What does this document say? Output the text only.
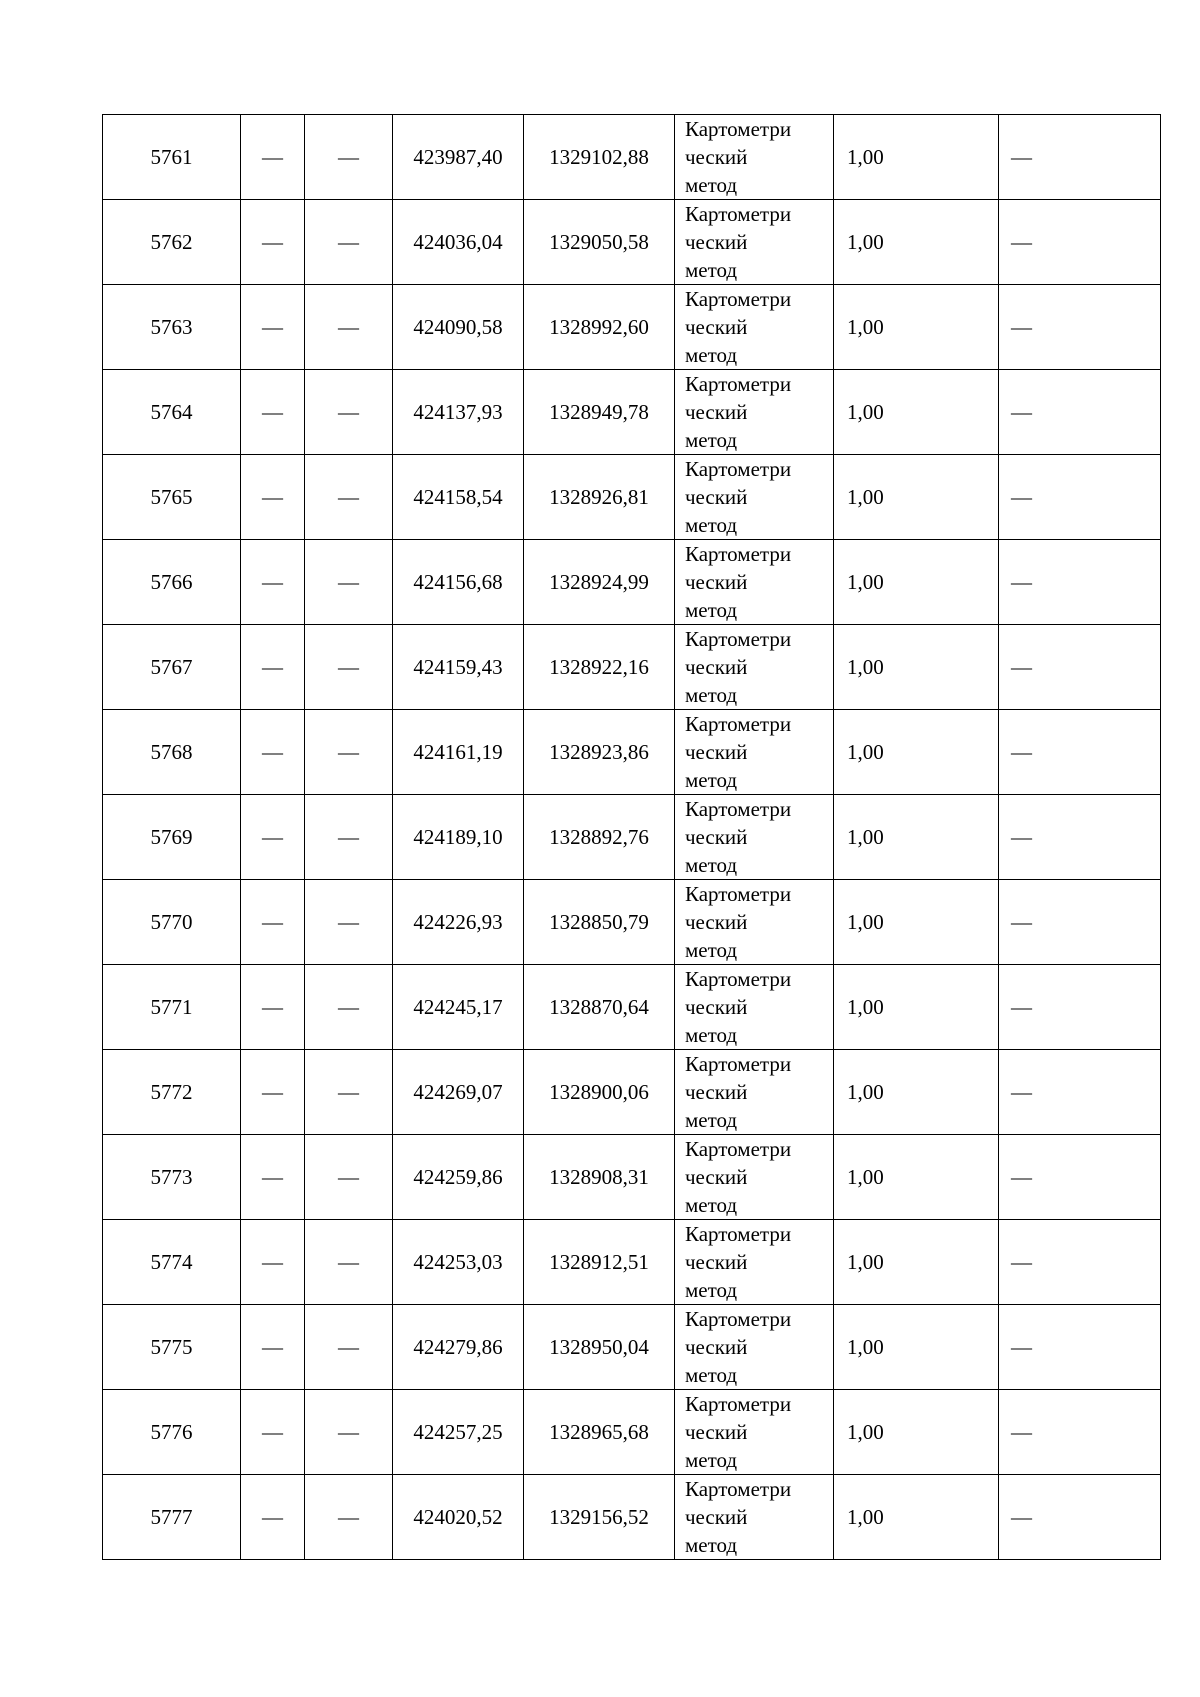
5761	—	—	423987,40	1329102,88	Картометри
ческий
метод	1,00	—
5762	—	—	424036,04	1329050,58	Картометри
ческий
метод	1,00	—
5763	—	—	424090,58	1328992,60	Картометри
ческий
метод	1,00	—
5764	—	—	424137,93	1328949,78	Картометри
ческий
метод	1,00	—
5765	—	—	424158,54	1328926,81	Картометри
ческий
метод	1,00	—
5766	—	—	424156,68	1328924,99	Картометри
ческий
метод	1,00	—
5767	—	—	424159,43	1328922,16	Картометри
ческий
метод	1,00	—
5768	—	—	424161,19	1328923,86	Картометри
ческий
метод	1,00	—
5769	—	—	424189,10	1328892,76	Картометри
ческий
метод	1,00	—
5770	—	—	424226,93	1328850,79	Картометри
ческий
метод	1,00	—
5771	—	—	424245,17	1328870,64	Картометри
ческий
метод	1,00	—
5772	—	—	424269,07	1328900,06	Картометри
ческий
метод	1,00	—
5773	—	—	424259,86	1328908,31	Картометри
ческий
метод	1,00	—
5774	—	—	424253,03	1328912,51	Картометри
ческий
метод	1,00	—
5775	—	—	424279,86	1328950,04	Картометри
ческий
метод	1,00	—
5776	—	—	424257,25	1328965,68	Картометри
ческий
метод	1,00	—
5777	—	—	424020,52	1329156,52	Картометри
ческий
метод	1,00	—
